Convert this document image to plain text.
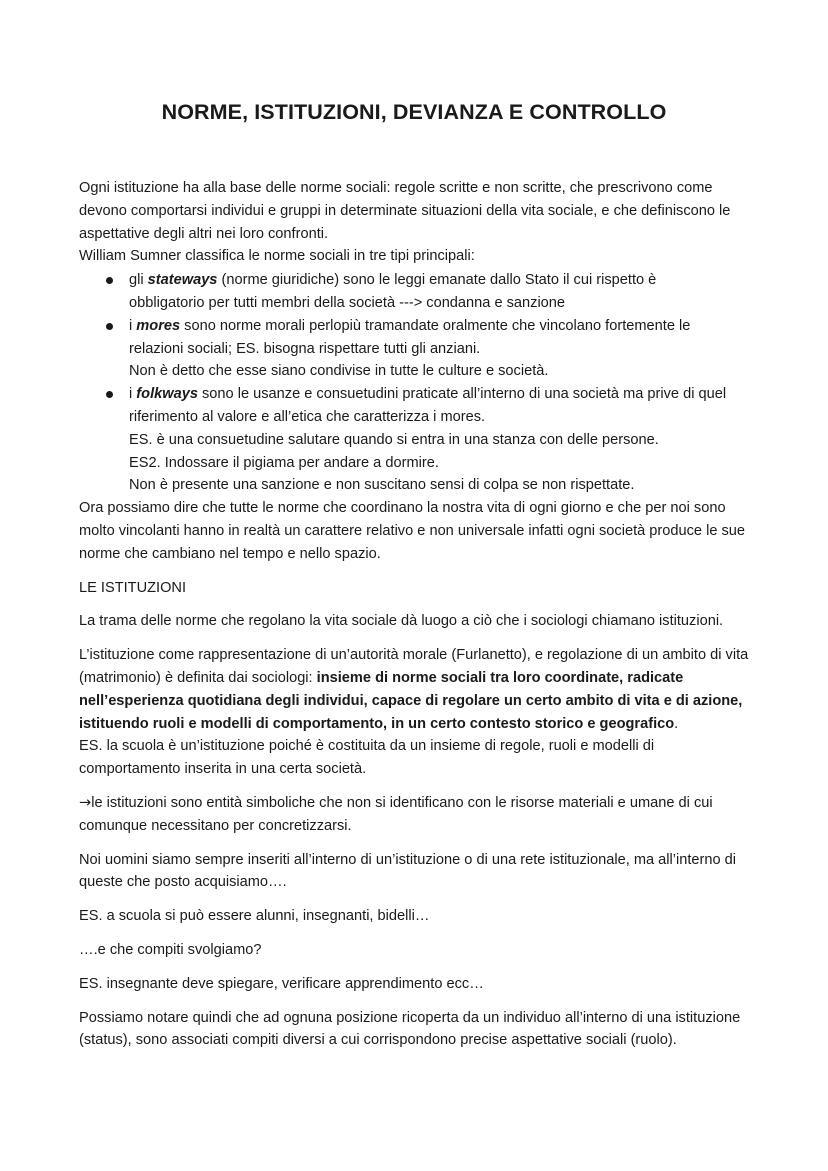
NORME, ISTITUZIONI, DEVIANZA E CONTROLLO

Ogni istituzione ha alla base delle norme sociali: regole scritte e non scritte, che prescrivono come devono comportarsi individui e gruppi in determinate situazioni della vita sociale, e che definiscono le aspettative degli altri nei loro confronti.

William Sumner classifica le norme sociali in tre tipi principali:

gli stateways (norme giuridiche) sono le leggi emanate dallo Stato il cui rispetto è
obbligatorio per tutti membri della società ---> condanna e sanzione
i mores sono norme morali perlopiù tramandate oralmente che vincolano fortemente le
relazioni sociali; ES. bisogna rispettare tutti gli anziani.
Non è detto che esse siano condivise in tutte le culture e società.
i folkways sono le usanze e consuetudini praticate all’interno di una società ma prive di quel
riferimento al valore e all’etica che caratterizza i mores.
ES. è una consuetudine salutare quando si entra in una stanza con delle persone.
ES2. Indossare il pigiama per andare a dormire.
Non è presente una sanzione e non suscitano sensi di colpa se non rispettate.

Ora possiamo dire che tutte le norme che coordinano la nostra vita di ogni giorno e che per noi sono molto vincolanti hanno in realtà un carattere relativo e non universale infatti ogni società produce le sue norme che cambiano nel tempo e nello spazio.

LE ISTITUZIONI

La trama delle norme che regolano la vita sociale dà luogo a ciò che i sociologi chiamano istituzioni.

L’istituzione come rappresentazione di un’autorità morale (Furlanetto), e regolazione di un ambito di vita (matrimonio) è definita dai sociologi: insieme di norme sociali tra loro coordinate, radicate nell’esperienza quotidiana degli individui, capace di regolare un certo ambito di vita e di azione, istituendo ruoli e modelli di comportamento, in un certo contesto storico e geografico.

ES. la scuola è un’istituzione poiché è costituita da un insieme di regole, ruoli e modelli di comportamento inserita in una certa società.

→le istituzioni sono entità simboliche che non si identificano con le risorse materiali e umane di cui comunque necessitano per concretizzarsi.

Noi uomini siamo sempre inseriti all’interno di un’istituzione o di una rete istituzionale, ma all’interno di queste che posto acquisiamo….

ES. a scuola si può essere alunni, insegnanti, bidelli…

….e che compiti svolgiamo?

ES. insegnante deve spiegare, verificare apprendimento ecc…

Possiamo notare quindi che ad ognuna posizione ricoperta da un individuo all’interno di una istituzione (status), sono associati compiti diversi a cui corrispondono precise aspettative sociali (ruolo).
